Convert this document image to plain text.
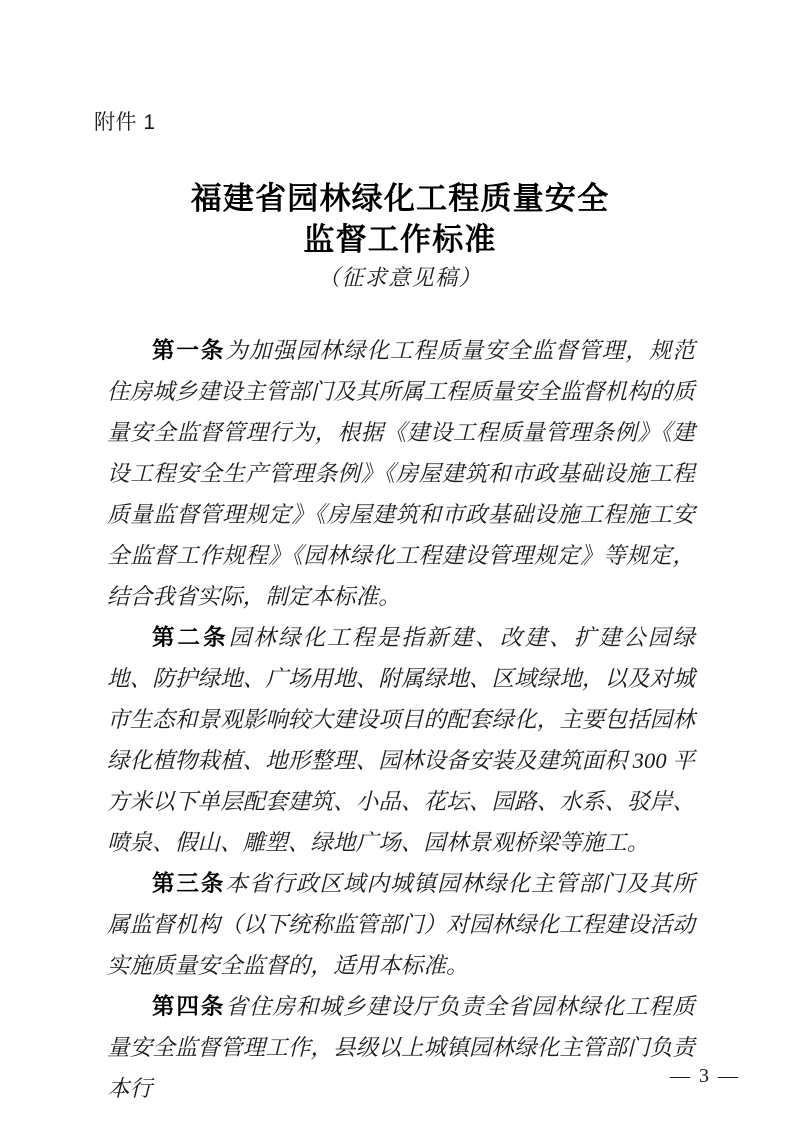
附件 1
福建省园林绿化工程质量安全
监督工作标准
（征求意见稿）

第一条为加强园林绿化工程质量安全监督管理，规范住房城乡建设主管部门及其所属工程质量安全监督机构的质量安全监督管理行为，根据《建设工程质量管理条例》《建设工程安全生产管理条例》《房屋建筑和市政基础设施工程质量监督管理规定》《房屋建筑和市政基础设施工程施工安全监督工作规程》《园林绿化工程建设管理规定》等规定，结合我省实际，制定本标准。

第二条园林绿化工程是指新建、改建、扩建公园绿地、防护绿地、广场用地、附属绿地、区域绿地，以及对城市生态和景观影响较大建设项目的配套绿化，主要包括园林绿化植物栽植、地形整理、园林设备安装及建筑面积 300 平方米以下单层配套建筑、小品、花坛、园路、水系、驳岸、喷泉、假山、雕塑、绿地广场、园林景观桥梁等施工。

第三条本省行政区域内城镇园林绿化主管部门及其所属监督机构（以下统称监管部门）对园林绿化工程建设活动实施质量安全监督的，适用本标准。

第四条省住房和城乡建设厅负责全省园林绿化工程质量安全监督管理工作，县级以上城镇园林绿化主管部门负责本行	— 3 —
